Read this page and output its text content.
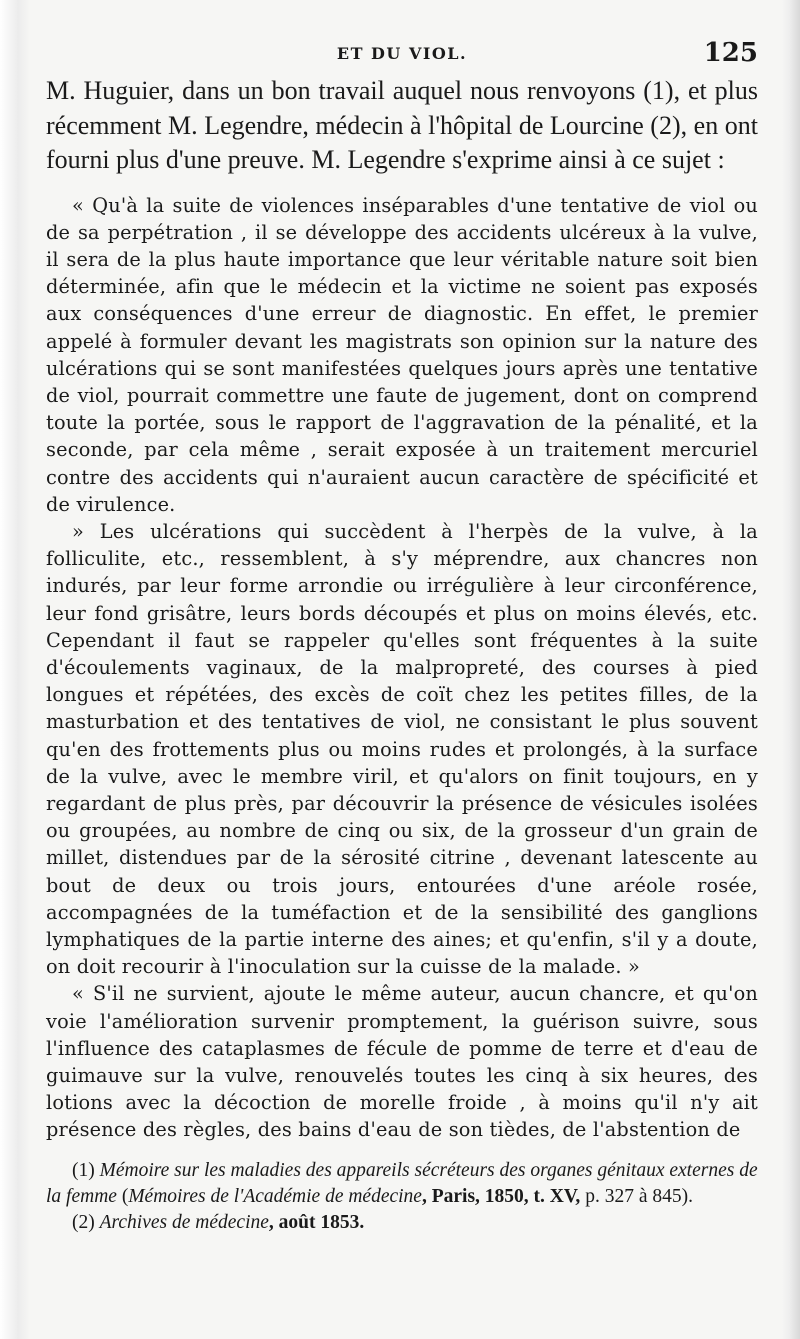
ET DU VIOL.	125

M. Huguier, dans un bon travail auquel nous renvoyons (1), et plus récemment M. Legendre, médecin à l'hôpital de Lourcine (2), en ont fourni plus d'une preuve. M. Legendre s'exprime ainsi à ce sujet :

« Qu'à la suite de violences inséparables d'une tentative de viol ou de sa perpétration , il se développe des accidents ulcéreux à la vulve, il sera de la plus haute importance que leur véritable nature soit bien déterminée, afin que le médecin et la victime ne soient pas exposés aux conséquences d'une erreur de diagnostic. En effet, le premier appelé à formuler devant les magistrats son opinion sur la nature des ulcérations qui se sont manifestées quelques jours après une tentative de viol, pourrait commettre une faute de jugement, dont on comprend toute la portée, sous le rapport de l'aggravation de la pénalité, et la seconde, par cela même , serait exposée à un traitement mercuriel contre des accidents qui n'auraient aucun caractère de spécificité et de virulence.

» Les ulcérations qui succèdent à l'herpès de la vulve, à la folliculite, etc., ressemblent, à s'y méprendre, aux chancres non indurés, par leur forme arrondie ou irrégulière à leur circonférence, leur fond grisâtre, leurs bords découpés et plus on moins élevés, etc. Cependant il faut se rappeler qu'elles sont fréquentes à la suite d'écoulements vaginaux, de la malpropreté, des courses à pied longues et répétées, des excès de coït chez les petites filles, de la masturbation et des tentatives de viol, ne consistant le plus souvent qu'en des frottements plus ou moins rudes et prolongés, à la surface de la vulve, avec le membre viril, et qu'alors on finit toujours, en y regardant de plus près, par découvrir la présence de vésicules isolées ou groupées, au nombre de cinq ou six, de la grosseur d'un grain de millet, distendues par de la sérosité citrine , devenant latescente au bout de deux ou trois jours, entourées d'une aréole rosée, accompagnées de la tuméfaction et de la sensibilité des ganglions lymphatiques de la partie interne des aines; et qu'enfin, s'il y a doute, on doit recourir à l'inoculation sur la cuisse de la malade. »

« S'il ne survient, ajoute le même auteur, aucun chancre, et qu'on voie l'amélioration survenir promptement, la guérison suivre, sous l'influence des cataplasmes de fécule de pomme de terre et d'eau de guimauve sur la vulve, renouvelés toutes les cinq à six heures, des lotions avec la décoction de morelle froide , à moins qu'il n'y ait présence des règles, des bains d'eau de son tièdes, de l'abstention de

(1) Mémoire sur les maladies des appareils sécréteurs des organes génitaux externes de la femme (Mémoires de l'Académie de médecine, Paris, 1850, t. XV, p. 327 à 845).

(2) Archives de médecine, août 1853.
